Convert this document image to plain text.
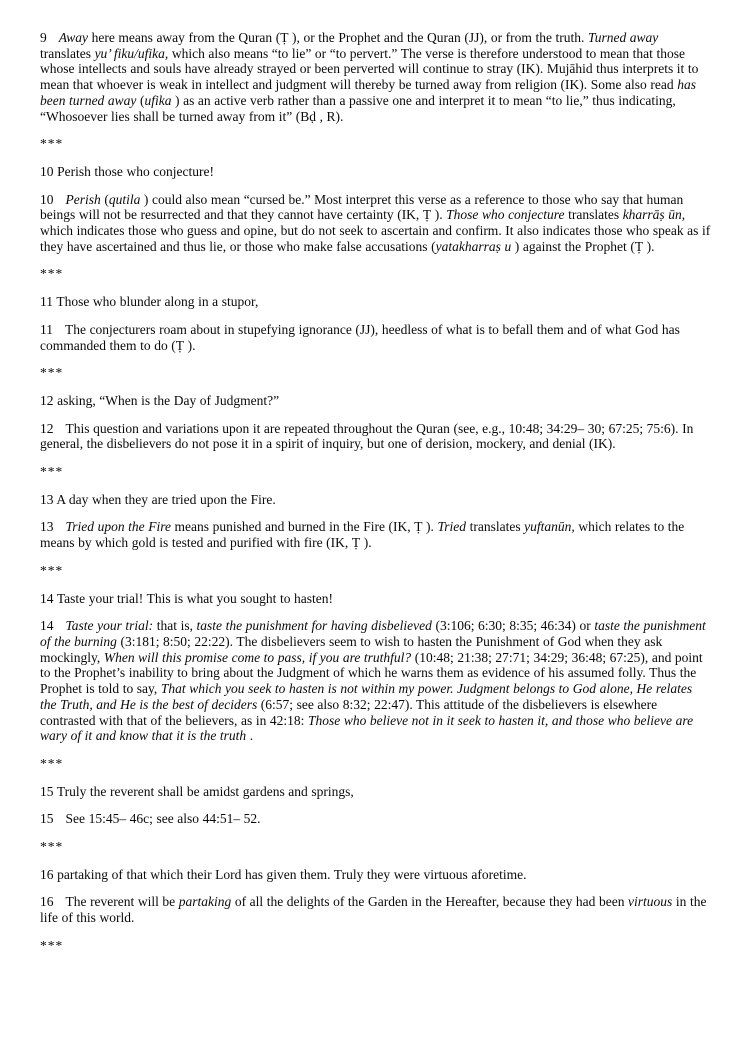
9 Away here means away from the Quran (Ṭ ), or the Prophet and the Quran (JJ), or from the truth. Turned away translates yu’ fiku/ufika, which also means “to lie” or “to pervert.” The verse is therefore understood to mean that those whose intellects and souls have already strayed or been perverted will continue to stray (IK). Mujāhid thus interprets it to mean that whoever is weak in intellect and judgment will thereby be turned away from religion (IK). Some also read has been turned away (ufika ) as an active verb rather than a passive one and interpret it to mean “to lie,” thus indicating, “Whosoever lies shall be turned away from it” (Bḍ , R).

***

10 Perish those who conjecture!

10 Perish (qutila ) could also mean “cursed be.” Most interpret this verse as a reference to those who say that human beings will not be resurrected and that they cannot have certainty (IK, Ṭ ). Those who conjecture translates kharrāṣ ūn, which indicates those who guess and opine, but do not seek to ascertain and confirm. It also indicates those who speak as if they have ascertained and thus lie, or those who make false accusations (yatakharraṣ u ) against the Prophet (Ṭ ).

***

11 Those who blunder along in a stupor,

11 The conjecturers roam about in stupefying ignorance (JJ), heedless of what is to befall them and of what God has commanded them to do (Ṭ ).

***

12 asking, “When is the Day of Judgment?”

12 This question and variations upon it are repeated throughout the Quran (see, e.g., 10:48; 34:29– 30; 67:25; 75:6). In general, the disbelievers do not pose it in a spirit of inquiry, but one of derision, mockery, and denial (IK).

***

13 A day when they are tried upon the Fire.

13 Tried upon the Fire means punished and burned in the Fire (IK, Ṭ ). Tried translates yuftanūn, which relates to the means by which gold is tested and purified with fire (IK, Ṭ ).

***

14 Taste your trial! This is what you sought to hasten!

14 Taste your trial: that is, taste the punishment for having disbelieved (3:106; 6:30; 8:35; 46:34) or taste the punishment of the burning (3:181; 8:50; 22:22). The disbelievers seem to wish to hasten the Punishment of God when they ask mockingly, When will this promise come to pass, if you are truthful? (10:48; 21:38; 27:71; 34:29; 36:48; 67:25), and point to the Prophet’s inability to bring about the Judgment of which he warns them as evidence of his assumed folly. Thus the Prophet is told to say, That which you seek to hasten is not within my power. Judgment belongs to God alone, He relates the Truth, and He is the best of deciders (6:57; see also 8:32; 22:47). This attitude of the disbelievers is elsewhere contrasted with that of the believers, as in 42:18: Those who believe not in it seek to hasten it, and those who believe are wary of it and know that it is the truth .

***

15 Truly the reverent shall be amidst gardens and springs,

15 See 15:45– 46c; see also 44:51– 52.

***

16 partaking of that which their Lord has given them. Truly they were virtuous aforetime.

16 The reverent will be partaking of all the delights of the Garden in the Hereafter, because they had been virtuous in the life of this world.

***
